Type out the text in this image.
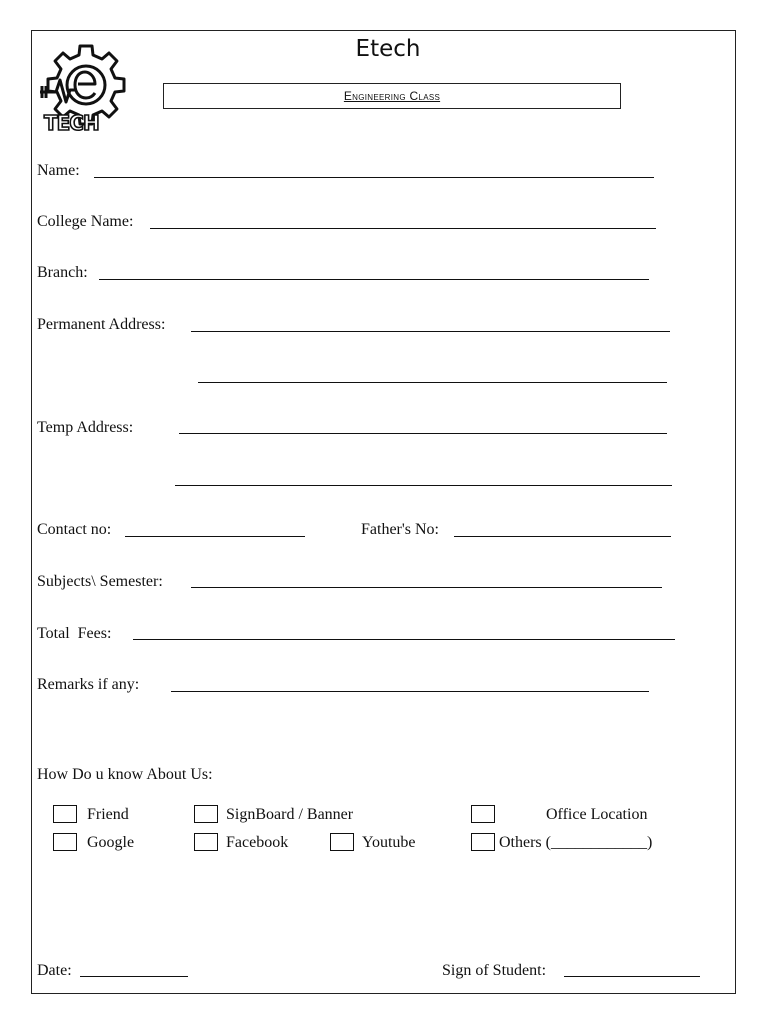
TECH
Etech
Engineering Class
Name:
College Name:
Branch:
Permanent Address:
Temp Address:
Contact no:	Father's No:
Subjects\ Semester:
Total  Fees:
Remarks if any:
How Do u know About Us:
Friend	SignBoard / Banner	Office Location
Google	Facebook	Youtube	Others (____________)
Date:	Sign of Student:
